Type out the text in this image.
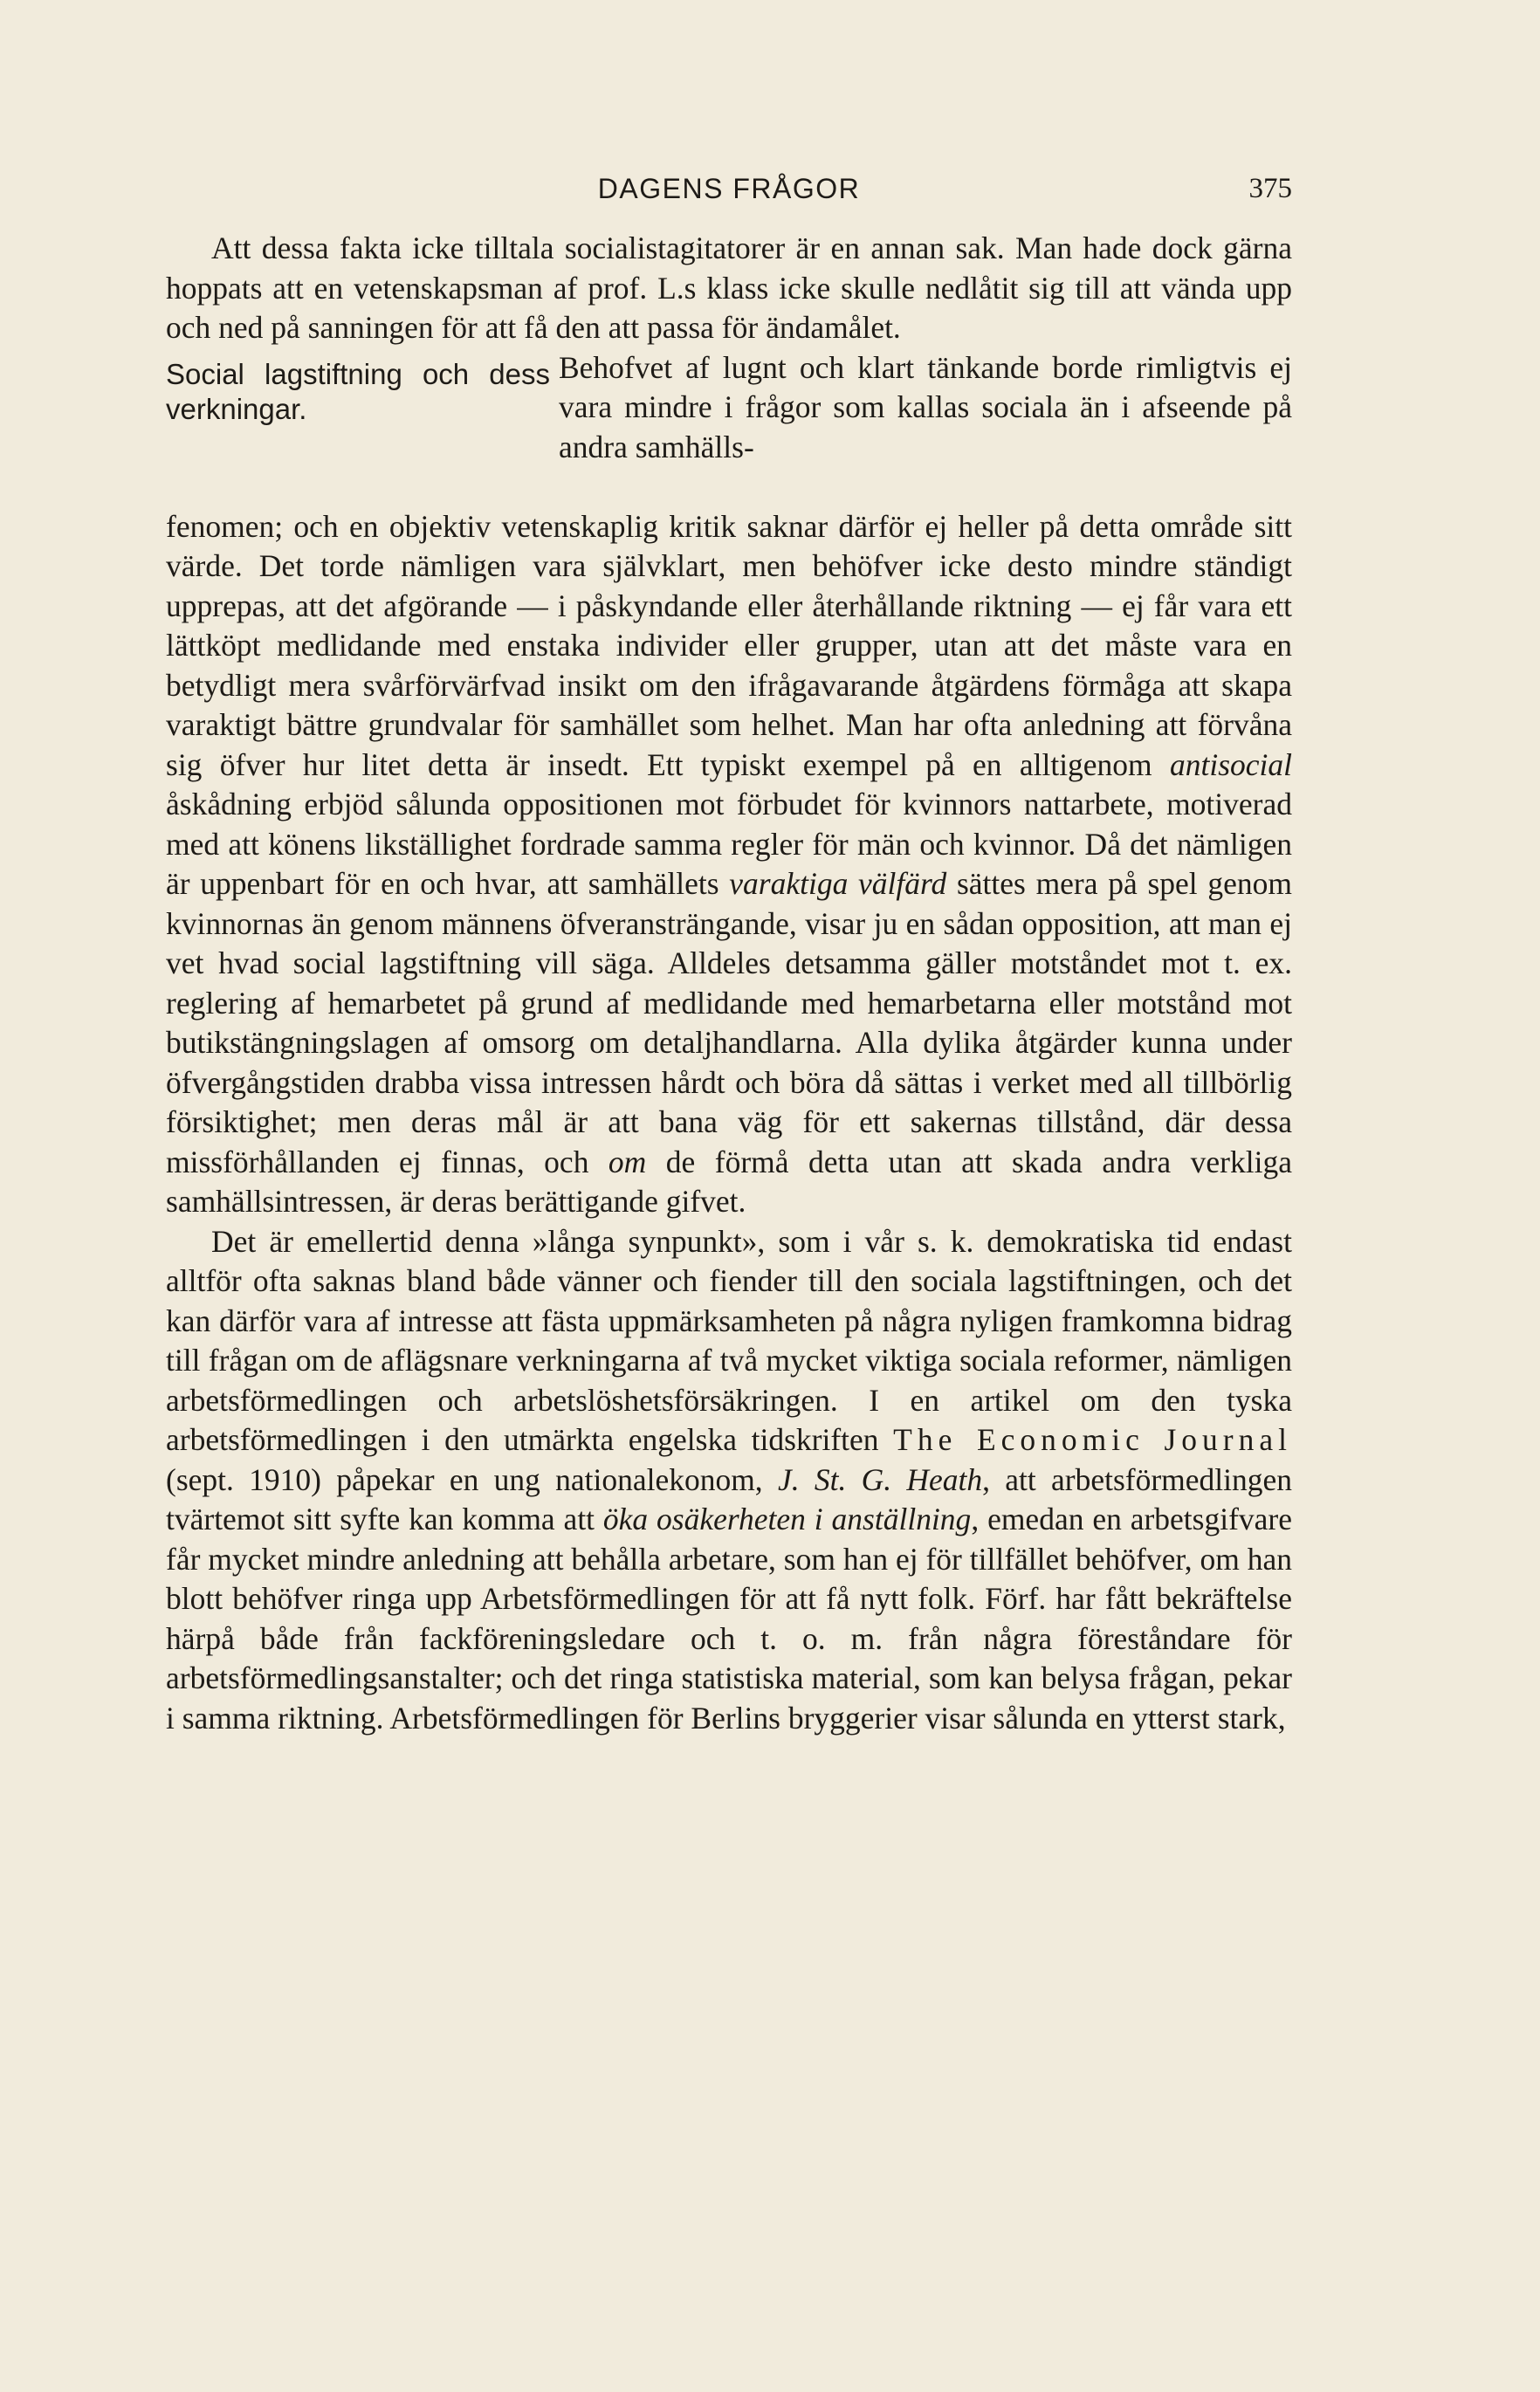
DAGENS FRÅGOR	375

Att dessa fakta icke tilltala socialistagitatorer är en annan sak. Man hade dock gärna hoppats att en vetenskapsman af prof. L.s klass icke skulle nedlåtit sig till att vända upp och ned på sanningen för att få den att passa för ändamålet.

Social lagstiftning och dess verkningar.
Behofvet af lugnt och klart tänkande borde rimligtvis ej vara mindre i frågor som kallas sociala än i afseende på andra samhälls-

fenomen; och en objektiv vetenskaplig kritik saknar därför ej heller på detta område sitt värde. Det torde nämligen vara självklart, men behöfver icke desto mindre ständigt upprepas, att det afgörande — i påskyndande eller återhållande riktning — ej får vara ett lättköpt medlidande med enstaka individer eller grupper, utan att det måste vara en betydligt mera svårförvärfvad insikt om den ifrågavarande åtgärdens förmåga att skapa varaktigt bättre grundvalar för samhället som helhet. Man har ofta anledning att förvåna sig öfver hur litet detta är insedt. Ett typiskt exempel på en alltigenom antisocial åskådning erbjöd sålunda oppositionen mot förbudet för kvinnors nattarbete, motiverad med att könens likställighet fordrade samma regler för män och kvinnor. Då det nämligen är uppenbart för en och hvar, att samhällets varaktiga välfärd sättes mera på spel genom kvinnornas än genom männens öfveransträngande, visar ju en sådan opposition, att man ej vet hvad social lagstiftning vill säga. Alldeles detsamma gäller motståndet mot t. ex. reglering af hemarbetet på grund af medlidande med hemarbetarna eller motstånd mot butikstängningslagen af omsorg om detaljhandlarna. Alla dylika åtgärder kunna under öfvergångstiden drabba vissa intressen hårdt och böra då sättas i verket med all tillbörlig försiktighet; men deras mål är att bana väg för ett sakernas tillstånd, där dessa missförhållanden ej finnas, och om de förmå detta utan att skada andra verkliga samhällsintressen, är deras berättigande gifvet.

Det är emellertid denna »långa synpunkt», som i vår s. k. demokratiska tid endast alltför ofta saknas bland både vänner och fiender till den sociala lagstiftningen, och det kan därför vara af intresse att fästa uppmärksamheten på några nyligen framkomna bidrag till frågan om de aflägsnare verkningarna af två mycket viktiga sociala reformer, nämligen arbetsförmedlingen och arbetslöshetsförsäkringen. I en artikel om den tyska arbetsförmedlingen i den utmärkta engelska tidskriften The Economic Journal (sept. 1910) påpekar en ung nationalekonom, J. St. G. Heath, att arbetsförmedlingen tvärtemot sitt syfte kan komma att öka osäkerheten i anställning, emedan en arbetsgifvare får mycket mindre anledning att behålla arbetare, som han ej för tillfället behöfver, om han blott behöfver ringa upp Arbetsförmedlingen för att få nytt folk. Förf. har fått bekräftelse härpå både från fackföreningsledare och t. o. m. från några föreståndare för arbetsförmedlingsanstalter; och det ringa statistiska material, som kan belysa frågan, pekar i samma riktning. Arbetsförmedlingen för Berlins bryggerier visar sålunda en ytterst stark,
